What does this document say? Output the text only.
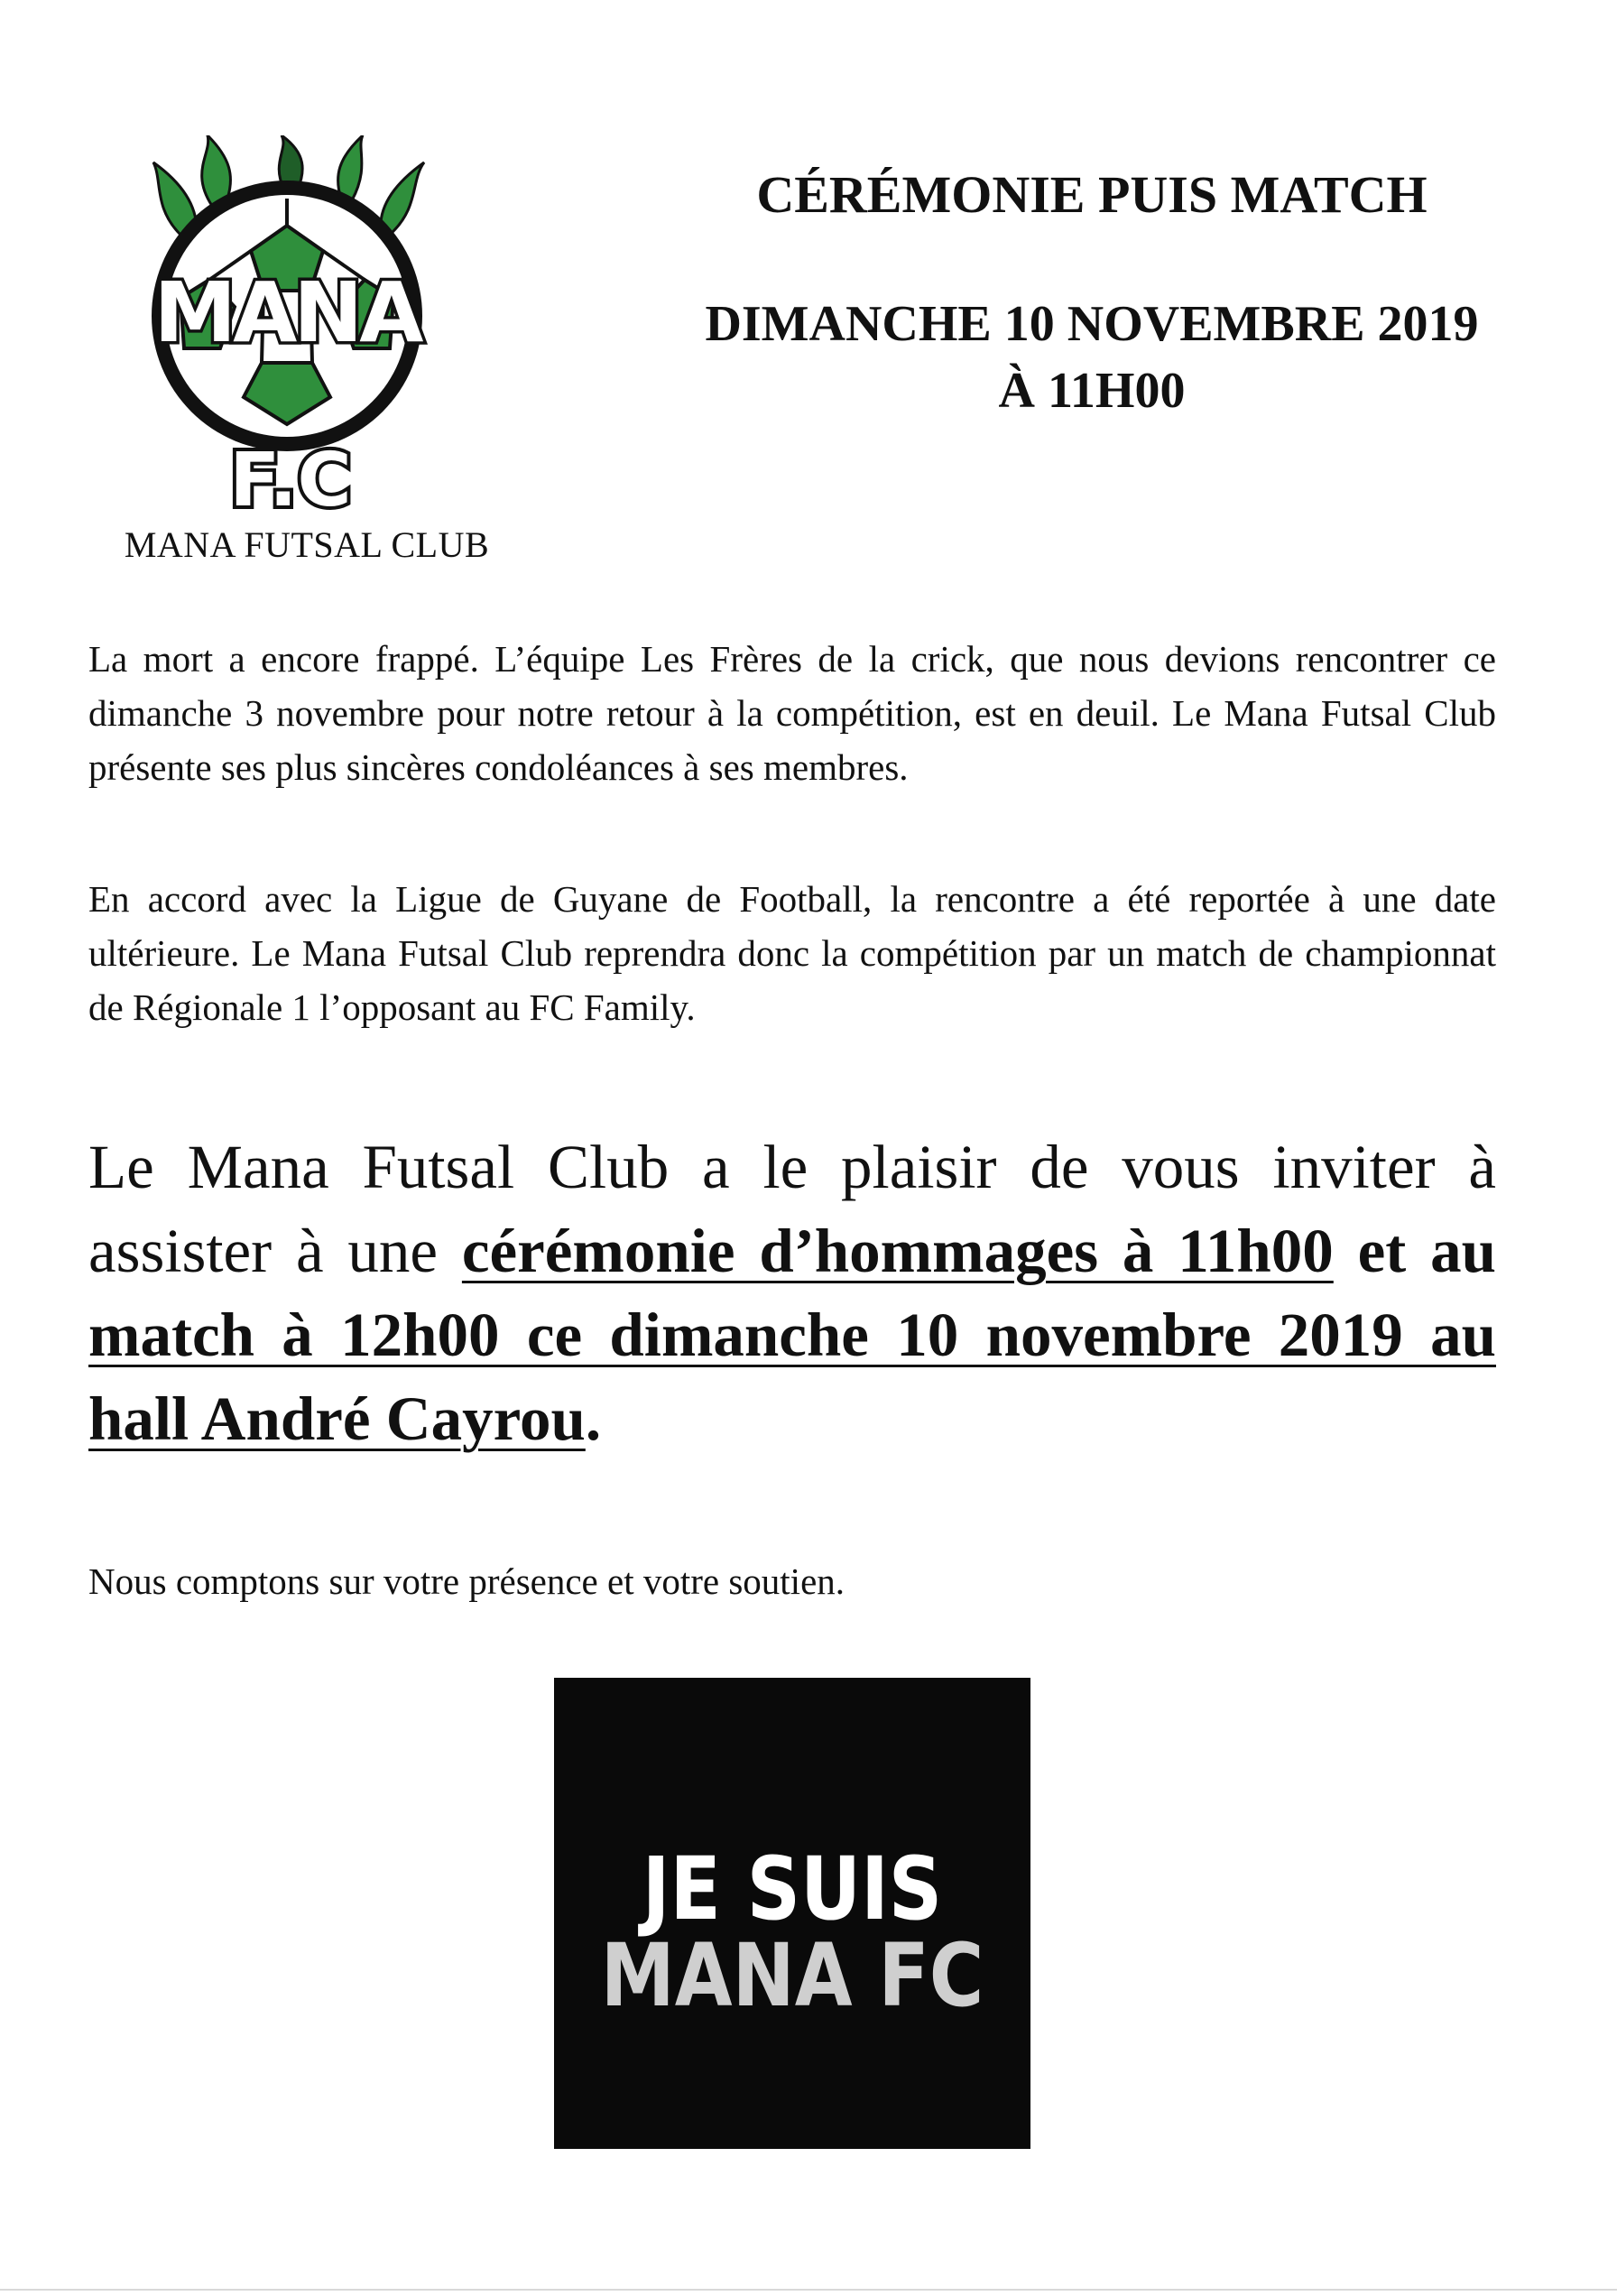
MANA
F.C
MANA FUTSAL CLUB
CÉRÉMONIE PUIS MATCH
DIMANCHE 10 NOVEMBRE 2019
À 11H00

La mort a encore frappé. L’équipe Les Frères de la crick, que nous devions rencontrer ce dimanche 3 novembre pour notre retour à la compétition, est en deuil. Le Mana Futsal Club présente ses plus sincères condoléances à ses membres.

En accord avec la Ligue de Guyane de Football, la rencontre a été reportée à une date ultérieure. Le Mana Futsal Club reprendra donc la compétition par un match de championnat de Régionale 1 l’opposant au FC Family.

Le Mana Futsal Club a le plaisir de vous inviter à assister à une cérémonie d’hommages à 11h00 et au match à 12h00 ce dimanche 10 novembre 2019 au hall André Cayrou.

Nous comptons sur votre présence et votre soutien.
JE SUIS
MANA FC
